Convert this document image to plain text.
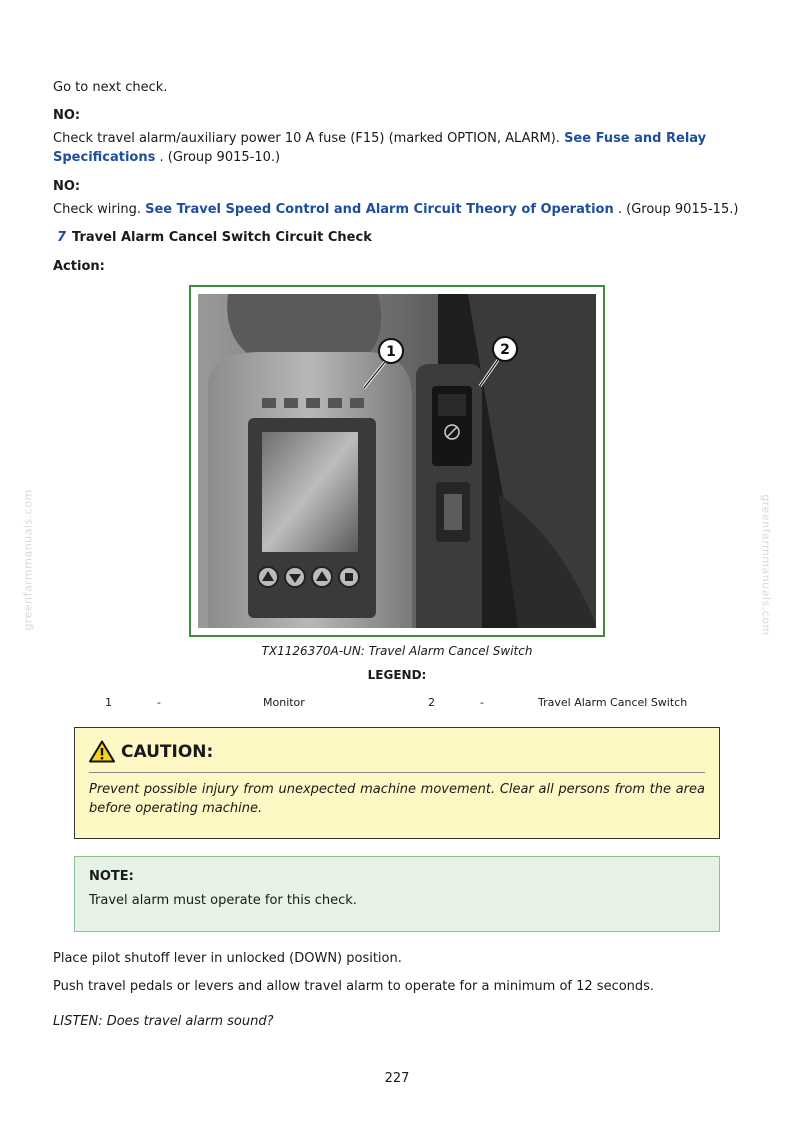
greenfarmmanuals.com	greenfarmmanuals.com

Go to next check.

NO:

Check travel alarm/auxiliary power 10 A fuse (F15) (marked OPTION, ALARM). See Fuse and Relay

Specifications . (Group 9015-10.)

NO:

Check wiring. See Travel Speed Control and Alarm Circuit Theory of Operation . (Group 9015-15.)

7 Travel Alarm Cancel Switch Circuit Check

Action:

1	2
TX1126370A-UN: Travel Alarm Cancel Switch
LEGEND:
1	-	Monitor	2	-	Travel Alarm Cancel Switch
CAUTION:

Prevent possible injury from unexpected machine movement. Clear all persons from the area before operating machine.

NOTE:
Travel alarm must operate for this check.

Place pilot shutoff lever in unlocked (DOWN) position.

Push travel pedals or levers and allow travel alarm to operate for a minimum of 12 seconds.

LISTEN: Does travel alarm sound?

227
